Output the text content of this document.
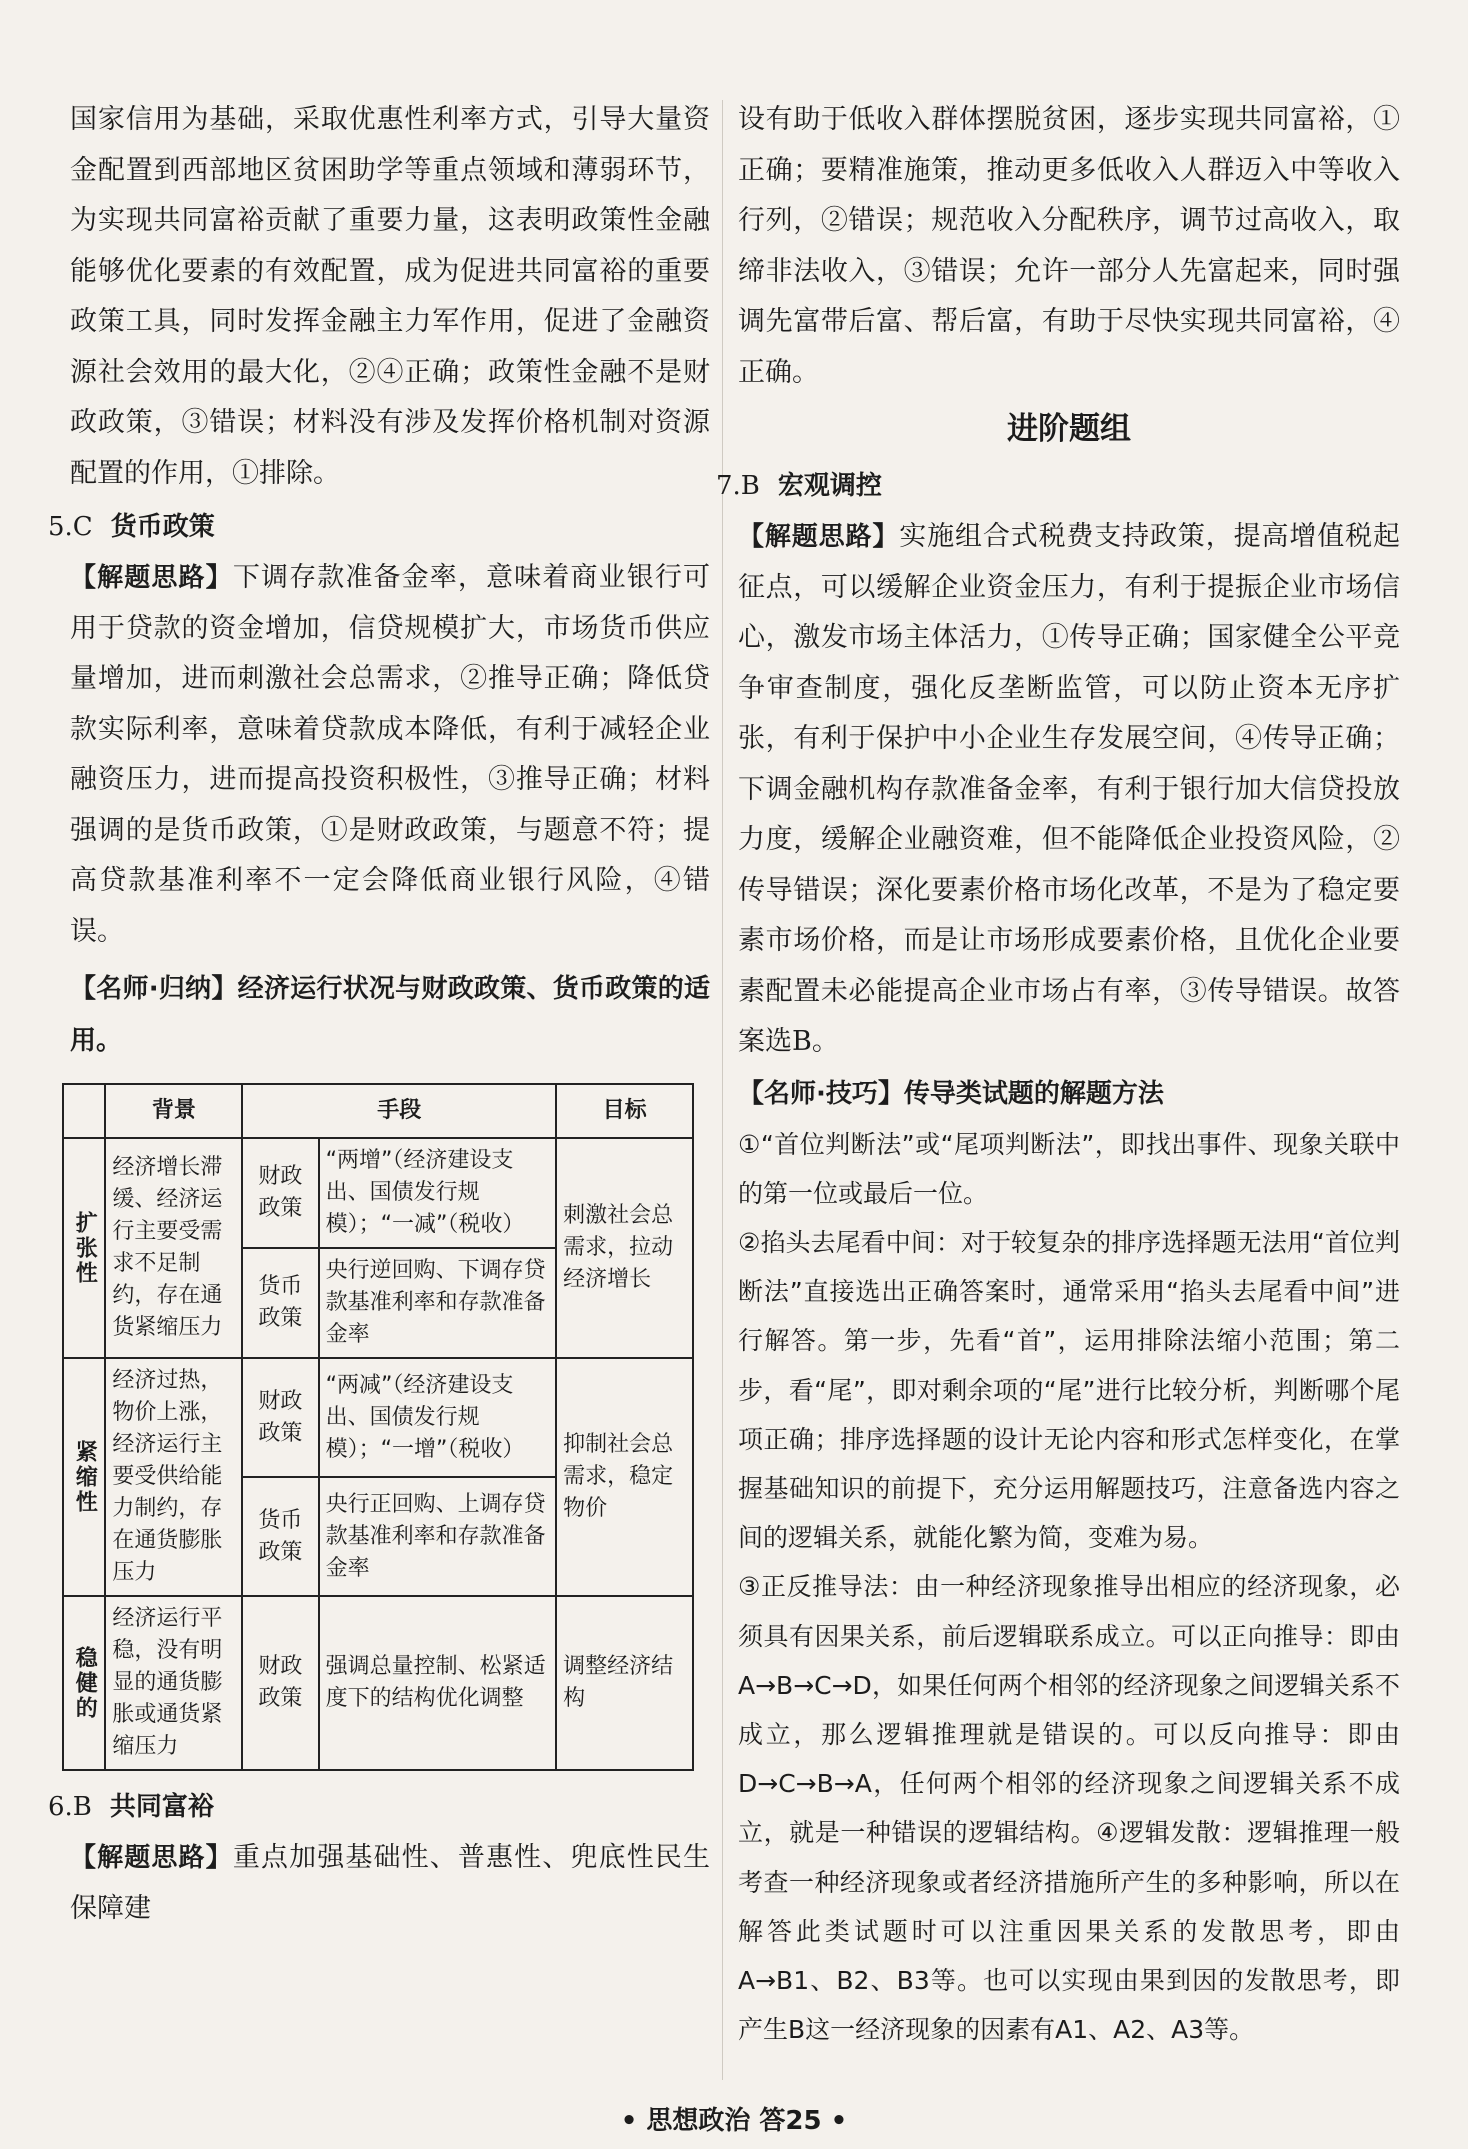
国家信用为基础，采取优惠性利率方式，引导大量资金配置到西部地区贫困助学等重点领域和薄弱环节，为实现共同富裕贡献了重要力量，这表明政策性金融能够优化要素的有效配置，成为促进共同富裕的重要政策工具，同时发挥金融主力军作用，促进了金融资源社会效用的最大化，②④正确；政策性金融不是财政政策，③错误；材料没有涉及发挥价格机制对资源配置的作用，①排除。

5.C 货币政策

【解题思路】下调存款准备金率，意味着商业银行可用于贷款的资金增加，信贷规模扩大，市场货币供应量增加，进而刺激社会总需求，②推导正确；降低贷款实际利率，意味着贷款成本降低，有利于减轻企业融资压力，进而提高投资积极性，③推导正确；材料强调的是货币政策，①是财政政策，与题意不符；提高贷款基准利率不一定会降低商业银行风险，④错误。

【名师·归纳】经济运行状况与财政政策、货币政策的适用。

	背景	手段		目标
扩张性	经济增长滞缓、经济运行主要受需求不足制约，存在通货紧缩压力	财政政策	“两增”（经济建设支出、国债发行规模）；“一减”（税收）	刺激社会总需求，拉动经济增长
		货币政策	央行逆回购、下调存贷款基准利率和存款准备金率	
紧缩性	经济过热，物价上涨，经济运行主要受供给能力制约，存在通货膨胀压力	财政政策	“两减”（经济建设支出、国债发行规模）；“一增”（税收）	抑制社会总需求，稳定物价
		货币政策	央行正回购、上调存贷款基准利率和存款准备金率	
稳健的	经济运行平稳，没有明显的通货膨胀或通货紧缩压力	财政政策	强调总量控制、松紧适度下的结构优化调整	调整经济结构
6.B 共同富裕

【解题思路】重点加强基础性、普惠性、兜底性民生保障建

设有助于低收入群体摆脱贫困，逐步实现共同富裕，①正确；要精准施策，推动更多低收入人群迈入中等收入行列，②错误；规范收入分配秩序，调节过高收入，取缔非法收入，③错误；允许一部分人先富起来，同时强调先富带后富、帮后富，有助于尽快实现共同富裕，④正确。

进阶题组
7.B 宏观调控

【解题思路】实施组合式税费支持政策，提高增值税起征点，可以缓解企业资金压力，有利于提振企业市场信心，激发市场主体活力，①传导正确；国家健全公平竞争审查制度，强化反垄断监管，可以防止资本无序扩张，有利于保护中小企业生存发展空间，④传导正确；下调金融机构存款准备金率，有利于银行加大信贷投放力度，缓解企业融资难，但不能降低企业投资风险，②传导错误；深化要素价格市场化改革，不是为了稳定要素市场价格，而是让市场形成要素价格，且优化企业要素配置未必能提高企业市场占有率，③传导错误。故答案选B。

【名师·技巧】传导类试题的解题方法

①“首位判断法”或“尾项判断法”，即找出事件、现象关联中的第一位或最后一位。
②掐头去尾看中间：对于较复杂的排序选择题无法用“首位判断法”直接选出正确答案时，通常采用“掐头去尾看中间”进行解答。第一步，先看“首”，运用排除法缩小范围；第二步，看“尾”，即对剩余项的“尾”进行比较分析，判断哪个尾项正确；排序选择题的设计无论内容和形式怎样变化，在掌握基础知识的前提下，充分运用解题技巧，注意备选内容之间的逻辑关系，就能化繁为简，变难为易。
③正反推导法：由一种经济现象推导出相应的经济现象，必须具有因果关系，前后逻辑联系成立。可以正向推导：即由A→B→C→D，如果任何两个相邻的经济现象之间逻辑关系不成立，那么逻辑推理就是错误的。可以反向推导：即由D→C→B→A，任何两个相邻的经济现象之间逻辑关系不成立，就是一种错误的逻辑结构。④逻辑发散：逻辑推理一般考查一种经济现象或者经济措施所产生的多种影响，所以在解答此类试题时可以注重因果关系的发散思考，即由A→B1、B2、B3等。也可以实现由果到因的发散思考，即产生B这一经济现象的因素有A1、A2、A3等。
• 思想政治 答25 •
